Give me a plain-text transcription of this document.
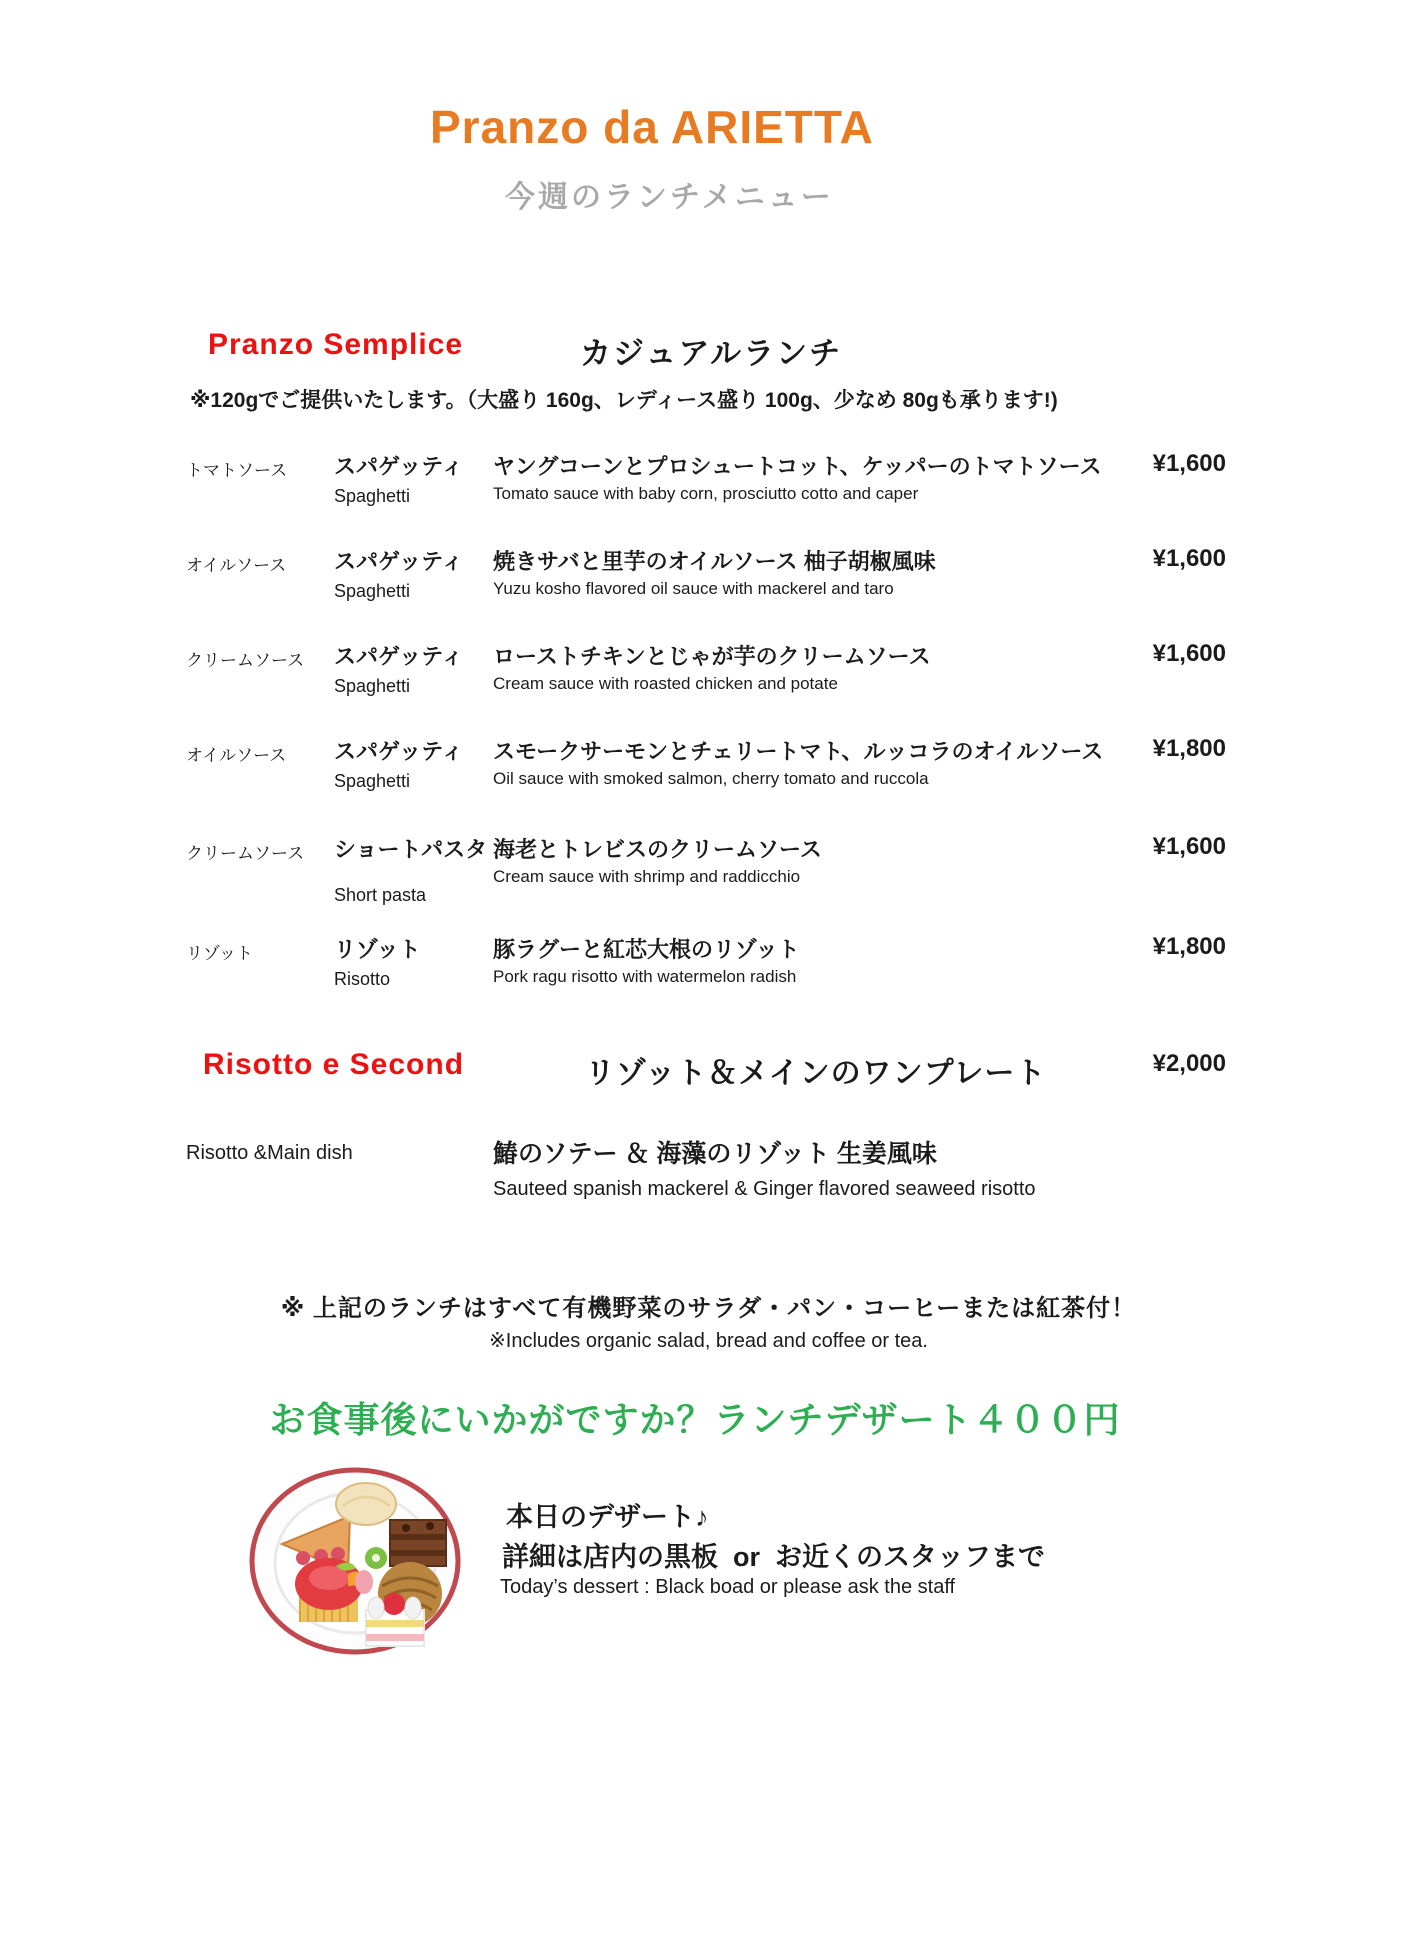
Pranzo da ARIETTA
今週のランチメニュー
Pranzo Semplice	カジュアルランチ
※120gでご提供いたします。（大盛り 160g、レディース盛り 100g、少なめ 80gも承ります!)
トマトソース スパゲッティ
Spaghetti
ヤングコーンとプロシュートコット、ケッパーのトマトソース
Tomato sauce with baby corn, prosciutto cotto and caper
¥1,600
オイルソース スパゲッティ
Spaghetti
焼きサバと里芋のオイルソース 柚子胡椒風味
Yuzu kosho flavored oil sauce with mackerel and taro
¥1,600
クリームソース スパゲッティ
Spaghetti
ローストチキンとじゃが芋のクリームソース
Cream sauce with roasted chicken and potate
¥1,600
オイルソース スパゲッティ
Spaghetti
スモークサーモンとチェリートマト、ルッコラのオイルソース
Oil sauce with smoked salmon, cherry tomato and ruccola
¥1,800
クリームソース ショートパスタ
Short pasta
海老とトレビスのクリームソース
Cream sauce with shrimp and raddicchio
¥1,600
リゾット	リゾット
Risotto
豚ラグーと紅芯大根のリゾット
Pork ragu risotto with watermelon radish
¥1,800
Risotto e Second	リゾット＆メインのワンプレート	¥2,000
Risotto &Main dish	鰆のソテー ＆ 海藻のリゾット 生姜風味
Sauteed spanish mackerel & Ginger flavored seaweed risotto
※ 上記のランチはすべて有機野菜のサラダ・パン・コーヒーまたは紅茶付！
※Includes organic salad, bread and coffee or tea.
お食事後にいかがですか？ランチデザート４００円
本日のデザート♪
詳細は店内の黒板  or  お近くのスタッフまで
Today’s dessert : Black boad or please ask the staff
